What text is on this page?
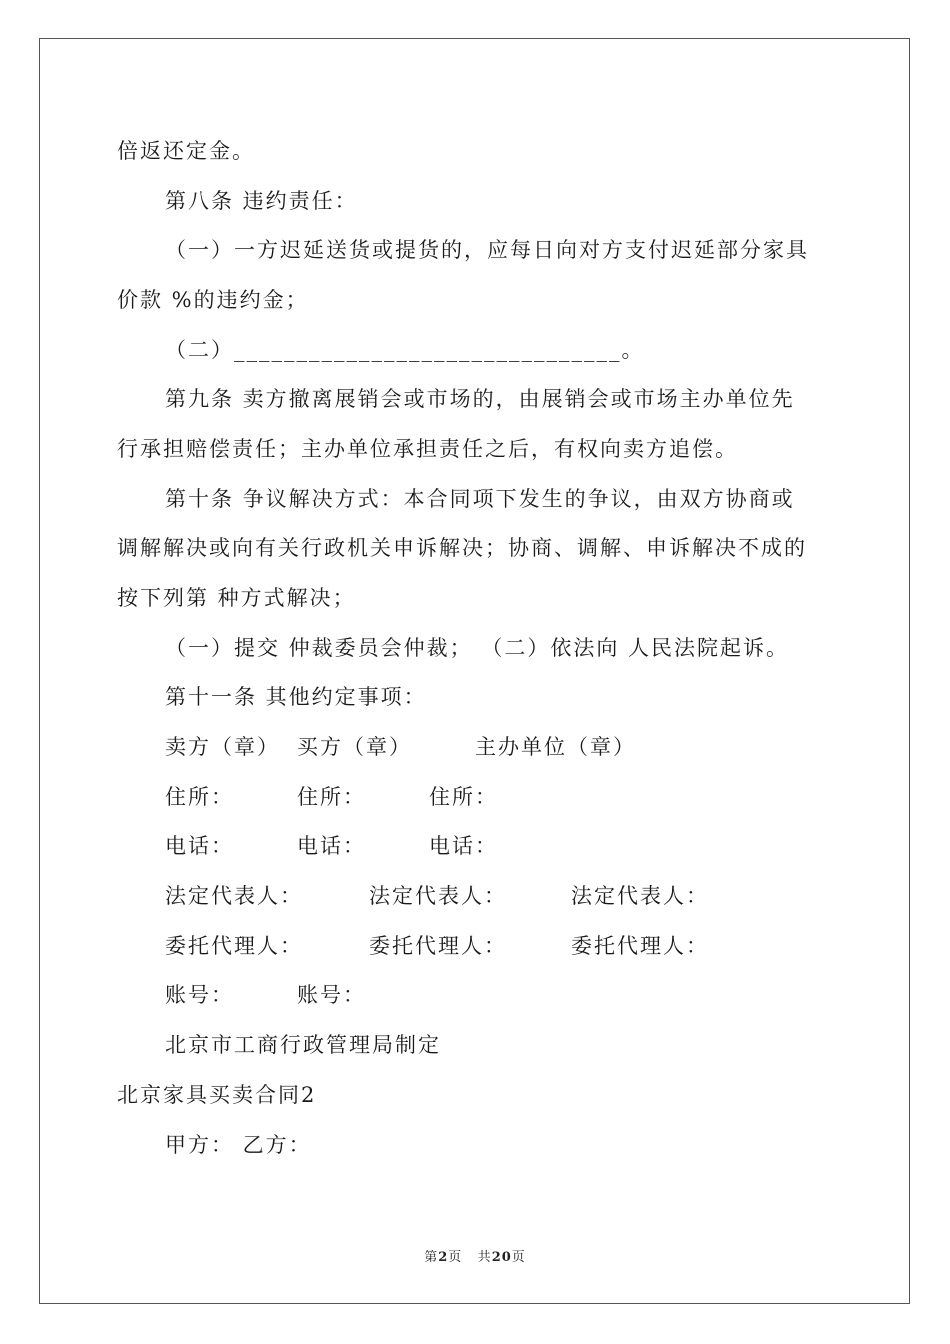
倍返还定金。
第八条 违约责任：
（一）一方迟延送货或提货的，应每日向对方支付迟延部分家具
价款 %的违约金；
（二）_______________________________。
第九条 卖方撤离展销会或市场的，由展销会或市场主办单位先
行承担赔偿责任；主办单位承担责任之后，有权向卖方追偿。
第十条 争议解决方式：本合同项下发生的争议，由双方协商或
调解解决或向有关行政机关申诉解决；协商、调解、申诉解决不成的
按下列第 种方式解决；
（一）提交 仲裁委员会仲裁； （二）依法向 人民法院起诉。
第十一条 其他约定事项：
卖方（章） 买方（章）	主办单位（章）
住所：	住所：	住所：
电话：	电话：	电话：
法定代表人：	法定代表人：	法定代表人：
委托代理人：	委托代理人：	委托代理人：
账号：	账号：
北京市工商行政管理局制定
北京家具买卖合同2
甲方： 乙方：
第2页 共20页
